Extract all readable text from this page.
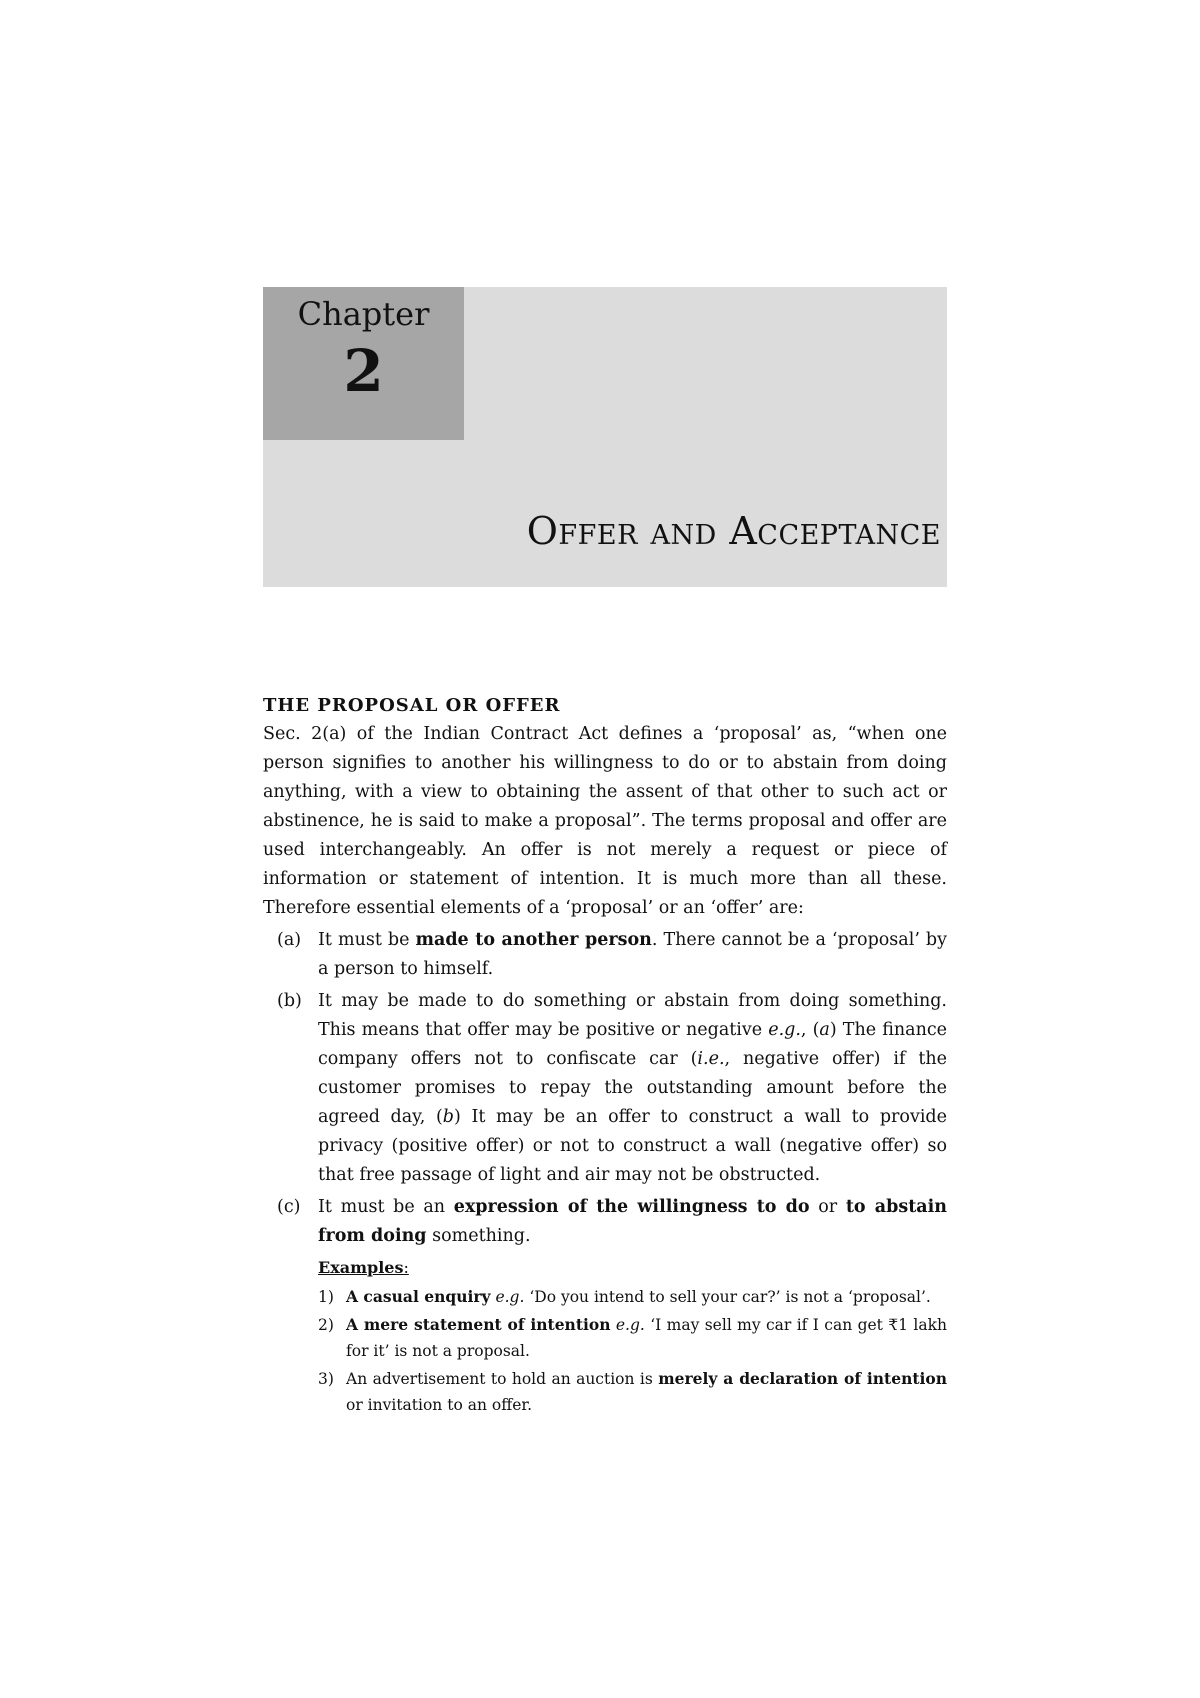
Chapter
2
Offer and Acceptance
THE PROPOSAL OR OFFER

Sec. 2(a) of the Indian Contract Act defines a ‘proposal’ as, “when one person signifies to another his willingness to do or to abstain from doing anything, with a view to obtaining the assent of that other to such act or abstinence, he is said to make a proposal”. The terms proposal and offer are used interchangeably. An offer is not merely a request or piece of information or statement of intention. It is much more than all these. Therefore essential elements of a ‘proposal’ or an ‘offer’ are:

(a) It must be made to another person. There cannot be a ‘proposal’ by a person to himself.
(b) It may be made to do something or abstain from doing something. This means that offer may be positive or negative e.g., (a) The finance company offers not to confiscate car (i.e., negative offer) if the customer promises to repay the outstanding amount before the agreed day, (b) It may be an offer to construct a wall to provide privacy (positive offer) or not to construct a wall (negative offer) so that free passage of light and air may not be obstructed.
(c)	It must be an expression of the willingness to do or to abstain from doing something.
Examples:
1) A casual enquiry e.g. ‘Do you intend to sell your car?’ is not a ‘proposal’.
2) A mere statement of intention e.g. ‘I may sell my car if I can get ₹1 lakh for it’ is not a proposal.
3) An advertisement to hold an auction is merely a declaration of intention or invitation to an offer.
